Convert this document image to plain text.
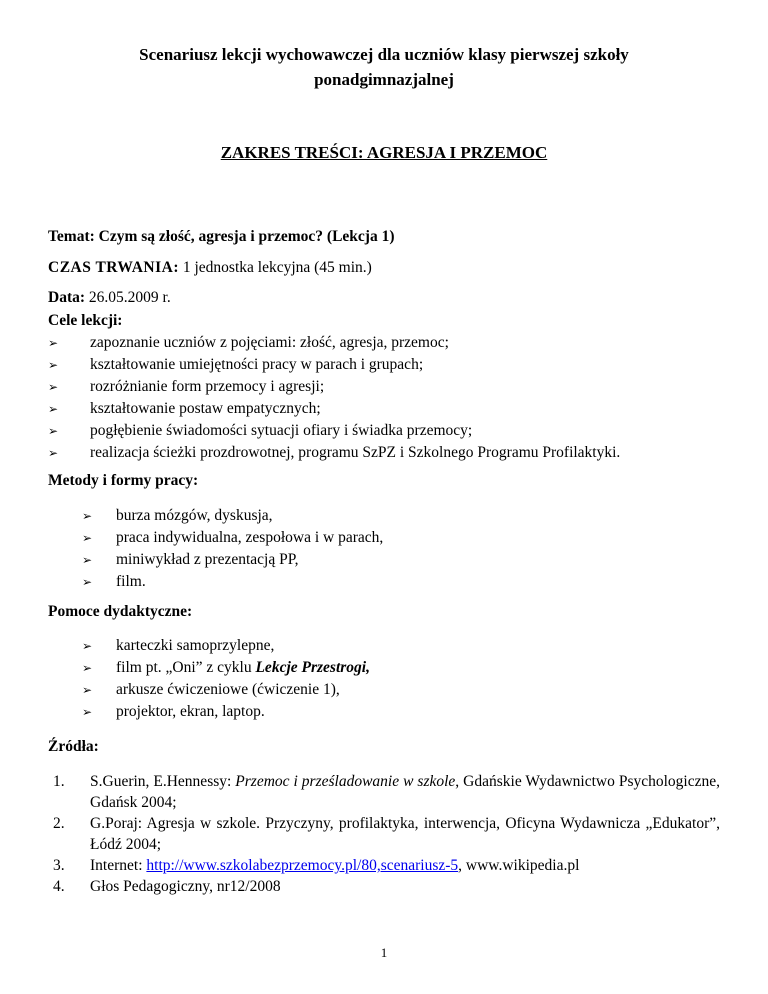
Scenariusz lekcji wychowawczej dla uczniów klasy pierwszej szkoły
ponadgimnazjalnej
ZAKRES TREŚCI: AGRESJA I PRZEMOC
Temat: Czym są złość, agresja i przemoc? (Lekcja 1)
CZAS TRWANIA: 1 jednostka lekcyjna (45 min.)
Data: 26.05.2009 r.
Cele lekcji:
➢ zapoznanie uczniów z pojęciami: złość, agresja, przemoc;
➢ kształtowanie umiejętności pracy w parach i grupach;
➢ rozróżnianie form przemocy i agresji;
➢ kształtowanie postaw empatycznych;
➢ pogłębienie świadomości sytuacji ofiary i świadka przemocy;
➢ realizacja ścieżki prozdrowotnej, programu SzPZ i Szkolnego Programu Profilaktyki.
Metody i formy pracy:
➢ burza mózgów, dyskusja,
➢ praca indywidualna, zespołowa i w parach,
➢ miniwykład z prezentacją PP,
➢ film.
Pomoce dydaktyczne:
➢ karteczki samoprzylepne,
➢ film pt. „Oni” z cyklu Lekcje Przestrogi,
➢ arkusze ćwiczeniowe (ćwiczenie 1),
➢ projektor, ekran, laptop.
Źródła:
1. S.Guerin, E.Hennessy: Przemoc i prześladowanie w szkole, Gdańskie Wydawnictwo Psychologiczne, Gdańsk 2004;
2. G.Poraj: Agresja w szkole. Przyczyny, profilaktyka, interwencja, Oficyna Wydawnicza „Edukator”, Łódź 2004;
3. Internet: http://www.szkolabezprzemocy.pl/80,scenariusz-5, www.wikipedia.pl
4. Głos Pedagogiczny, nr12/2008
1
